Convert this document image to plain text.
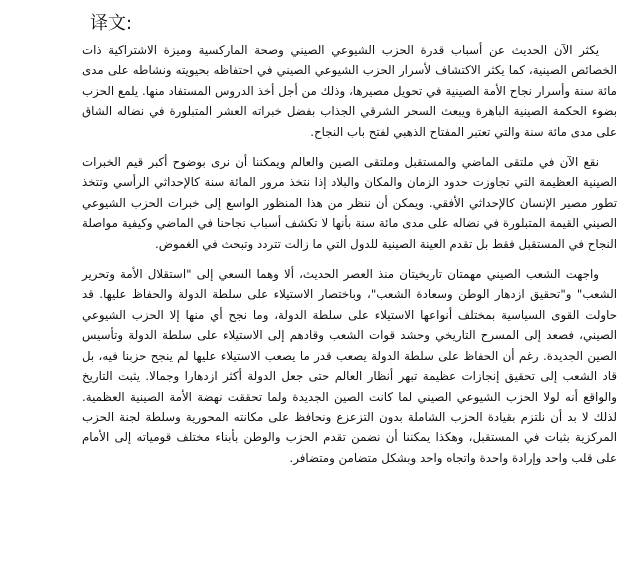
译文:

يكثر الآن الحديث عن أسباب قدرة الحزب الشيوعي الصيني وصحة الماركسية وميزة الاشتراكية ذات الخصائص الصينية، كما يكثر الاكتشاف لأسرار الحزب الشيوعي الصيني في احتفاظه بحيويته ونشاطه على مدى مائة سنة وأسرار نجاح الأمة الصينية في تحويل مصيرها، وذلك من أجل أخذ الدروس المستفاد منها. يلمع الحزب بضوء الحكمة الصينية الباهرة ويبعث السحر الشرقي الجذاب بفضل خبراته العشر المتبلورة في نضاله الشاق على مدى مائة سنة والتي تعتبر المفتاح الذهبي لفتح باب النجاح.

نقع الآن في ملتقى الماضي والمستقبل وملتقى الصين والعالم ويمكننا أن نرى بوضوح أكبر قيم الخبرات الصينية العظيمة التي تجاوزت حدود الزمان والمكان والبلاد إذا نتخذ مرور المائة سنة كالإحداثي الرأسي وتتخذ تطور مصير الإنسان كالإحداثي الأفقي. ويمكن أن ننظر من هذا المنظور الواسع إلى خبرات الحزب الشيوعي الصيني القيمة المتبلورة في نضاله على مدى مائة سنة بأنها لا تكشف أسباب نجاحنا في الماضي وكيفية مواصلة النجاح في المستقبل فقط بل تقدم العينة الصينية للدول التي ما زالت تتردد وتبحث في الغموض.

واجهت الشعب الصيني مهمتان تاريخيتان منذ العصر الحديث، ألا وهما السعي إلى "استقلال الأمة وتحرير الشعب" و"تحقيق ازدهار الوطن وسعادة الشعب"، وباختصار الاستيلاء على سلطة الدولة والحفاظ عليها. قد حاولت القوى السياسية بمختلف أنواعها الاستيلاء على سلطة الدولة، وما نجح أي منها إلا الحزب الشيوعي الصيني، فصعد إلى المسرح التاريخي وحشد قوات الشعب وقادهم إلى الاستيلاء على سلطة الدولة وتأسيس الصين الجديدة. رغم أن الحفاظ على سلطة الدولة يصعب قدر ما يصعب الاستيلاء عليها لم ينجح حزبنا فيه، بل قاد الشعب إلى تحقيق إنجازات عظيمة تبهر أنظار العالم حتى جعل الدولة أكثر ازدهارا وجمالا. يثبت التاريخ والواقع أنه لولا الحزب الشيوعي الصيني لما كانت الصين الجديدة ولما تحققت نهضة الأمة الصينية العظمية. لذلك لا بد أن نلتزم بقيادة الحزب الشاملة بدون التزعزع ونحافظ على مكانته المحورية وسلطة لجنة الحزب المركزية بثبات في المستقبل، وهكذا يمكننا أن نضمن تقدم الحزب والوطن بأبناء مختلف قومياته إلى الأمام على قلب واحد وإرادة واحدة واتجاه واحد وبشكل متضامن ومتضافر.
